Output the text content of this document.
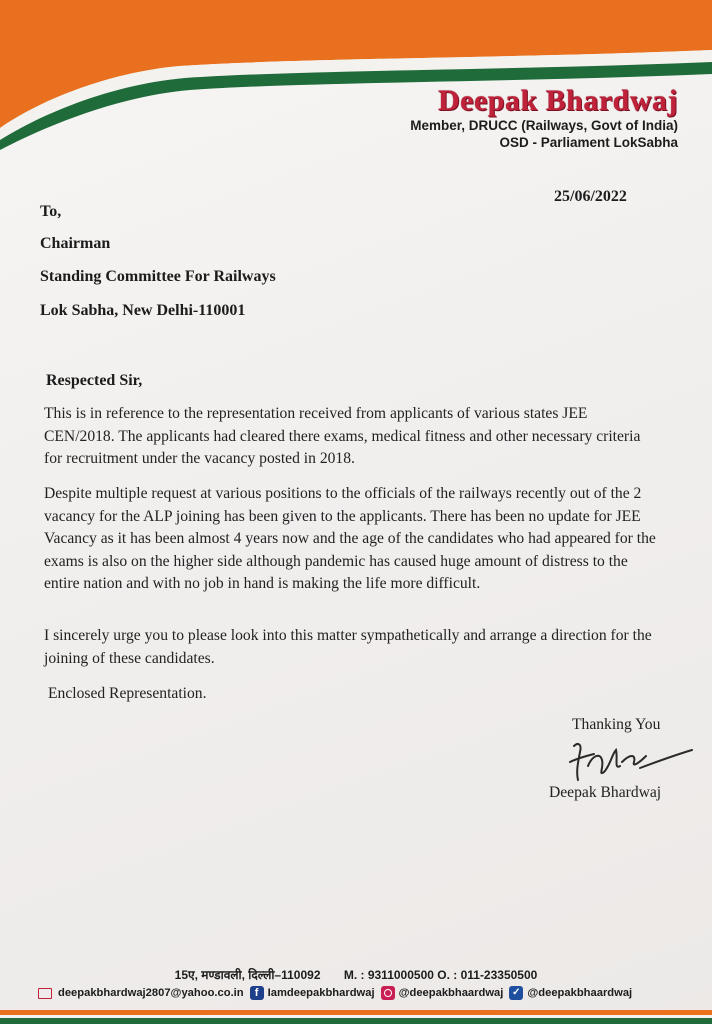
Deepak Bhardwaj
Member, DRUCC (Railways, Govt of India)
OSD - Parliament LokSabha
25/06/2022
To,
Chairman
Standing Committee For Railways
Lok Sabha, New Delhi-110001
Respected Sir,
This is in reference to the representation received from applicants of various states JEE CEN/2018. The applicants had cleared there exams, medical fitness and other necessary criteria for recruitment under the vacancy posted in 2018.
Despite multiple request at various positions to the officials of the railways recently out of the 2 vacancy for the ALP joining has been given to the applicants. There has been no update for JEE Vacancy as it has been almost 4 years now and the age of the candidates who had appeared for the exams is also on the higher side although pandemic has caused huge amount of distress to the entire nation and with no job in hand is making the life more difficult.
I sincerely urge you to please look into this matter sympathetically and arrange a direction for the joining of these candidates.
Enclosed Representation.
Thanking You
Deepak Bhardwaj
15ए, मण्डावली, दिल्ली–110092 M. : 9311000500 O. : 011-23350500
deepakbhardwaj2807@yahoo.co.in	f Iamdeepakbhardwaj @deepakbhaardwaj ✓ @deepakbhaardwaj
